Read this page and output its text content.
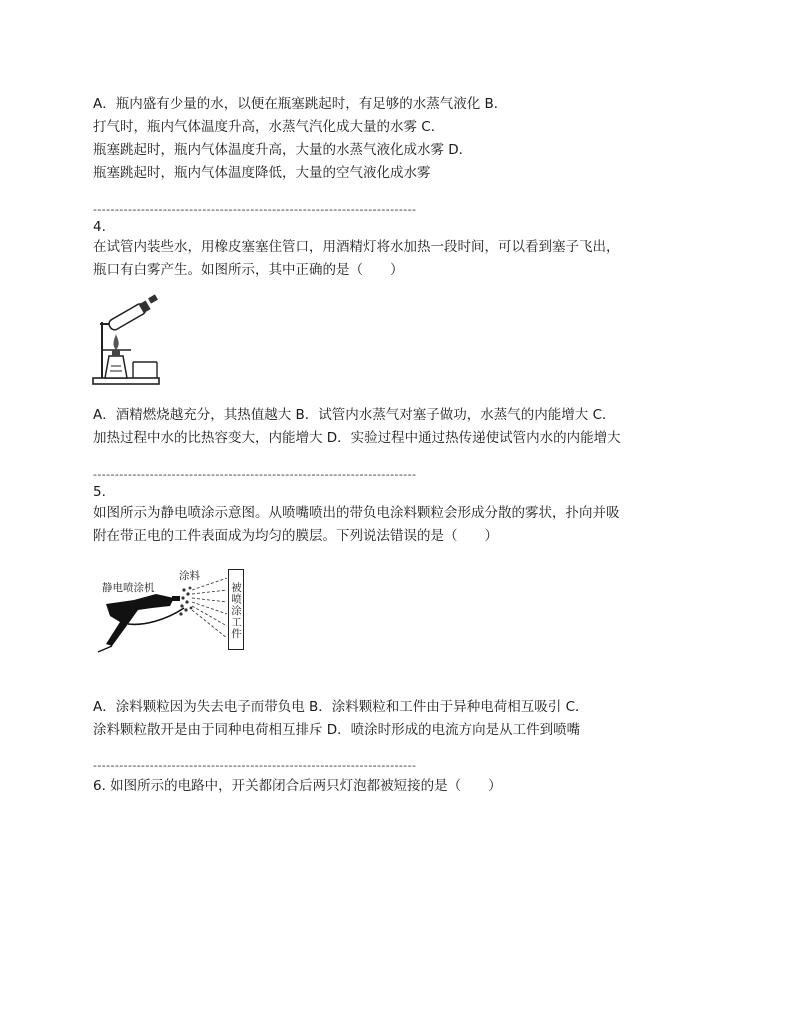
A．瓶内盛有少量的水，以便在瓶塞跳起时，有足够的水蒸气液化 B．
打气时，瓶内气体温度升高，水蒸气汽化成大量的水雾 C．
瓶塞跳起时，瓶内气体温度升高，大量的水蒸气液化成水雾 D．
瓶塞跳起时，瓶内气体温度降低，大量的空气液化成水雾
--------------------------------------------------------------------------
4.
在试管内装些水，用橡皮塞塞住管口，用酒精灯将水加热一段时间，可以看到塞子飞出，
瓶口有白雾产生。如图所示，其中正确的是（　　）
A．酒精燃烧越充分，其热值越大 B．试管内水蒸气对塞子做功，水蒸气的内能增大 C．
加热过程中水的比热容变大，内能增大 D．实验过程中通过热传递使试管内水的内能增大
--------------------------------------------------------------------------
5.
如图所示为静电喷涂示意图。从喷嘴喷出的带负电涂料颗粒会形成分散的雾状，扑向并吸
附在带正电的工件表面成为均匀的膜层。下列说法错误的是（　　）
静电喷涂机
涂料
被喷涂工件
A．涂料颗粒因为失去电子而带负电 B．涂料颗粒和工件由于异种电荷相互吸引 C．
涂料颗粒散开是由于同种电荷相互排斥 D．喷涂时形成的电流方向是从工件到喷嘴
--------------------------------------------------------------------------
6. 如图所示的电路中，开关都闭合后两只灯泡都被短接的是（　　）
